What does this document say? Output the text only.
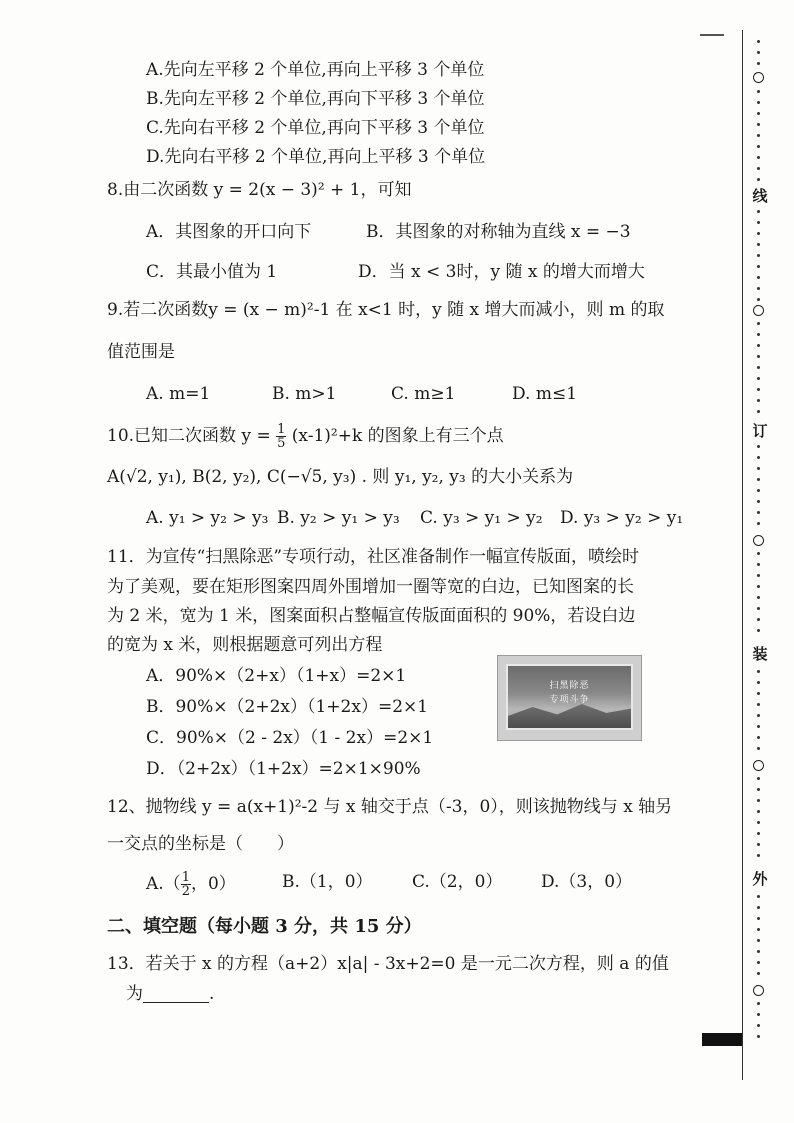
A.先向左平移 2 个单位,再向上平移 3 个单位
B.先向左平移 2 个单位,再向下平移 3 个单位
C.先向右平移 2 个单位,再向下平移 3 个单位
D.先向右平移 2 个单位,再向上平移 3 个单位
8.由二次函数 y = 2(x − 3)² + 1，可知
A．其图象的开口向下	B．其图象的对称轴为直线 x = −3
C．其最小值为 1	D．当 x < 3时，y 随 x 的增大而增大
9.若二次函数y = (x − m)²-1 在 x<1 时，y 随 x 增大而减小，则 m 的取
值范围是
A. m=1	B. m>1	C. m≥1	D. m≤1
10.已知二次函数 $y = \frac{1}{5} (x-1)^2+k$ 的图象上有三个点
A(√2, y₁), B(2, y₂), C(−√5, y₃) . 则 y₁, y₂, y₃ 的大小关系为
A. y₁ > y₂ > y₃ B. y₂ > y₁ > y₃ C. y₃ > y₁ > y₂ D. y₃ > y₂ > y₁
11．为宣传“扫黑除恶”专项行动，社区准备制作一幅宣传版面，喷绘时
为了美观，要在矩形图案四周外围增加一圈等宽的白边，已知图案的长
为 2 米，宽为 1 米，图案面积占整幅宣传版面面积的 90%，若设白边
的宽为 x 米，则根据题意可列出方程
A．90%×（2+x）（1+x）=2×1
B．90%×（2+2x）（1+2x）=2×1
C．90%×（2 - 2x）（1 - 2x）=2×1
D．（2+2x）（1+2x）=2×1×90%
扫黑除恶
专项斗争
12、抛物线 y = a(x+1)²-2 与 x 轴交于点（-3，0），则该抛物线与 x 轴另
一交点的坐标是（　　）
$A.( \frac{1}{2}$ ，0）	B.（1，0） C.（2，0） D.（3，0）
二、填空题（每小题 3 分，共 15 分）
13．若关于 x 的方程（a+2）x|a| - 3x+2=0 是一元二次方程，则 a 的值
为	.
线
订
装
外
